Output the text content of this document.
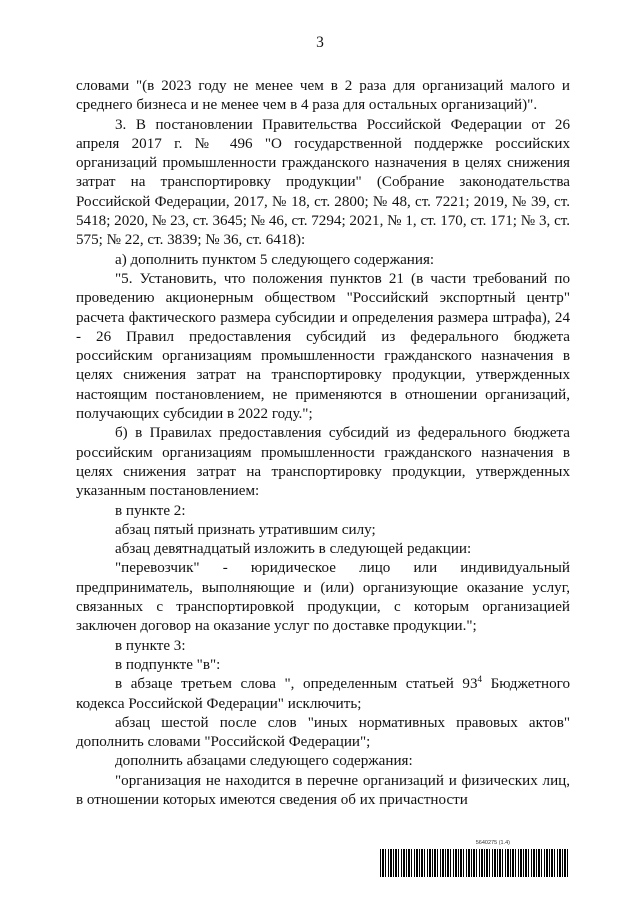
3

словами "(в 2023 году не менее чем в 2 раза для организаций малого и среднего бизнеса и не менее чем в 4 раза для остальных организаций)".

3. В постановлении Правительства Российской Федерации от 26 апреля 2017 г. № 496 "О государственной поддержке российских организаций промышленности гражданского назначения в целях снижения затрат на транспортировку продукции" (Собрание законодательства Российской Федерации, 2017, № 18, ст. 2800; № 48, ст. 7221; 2019, № 39, ст. 5418; 2020, № 23, ст. 3645; № 46, ст. 7294; 2021, № 1, ст. 170, ст. 171; № 3, ст. 575; № 22, ст. 3839; № 36, ст. 6418):

а) дополнить пунктом 5 следующего содержания:

"5. Установить, что положения пунктов 21 (в части требований по проведению акционерным обществом "Российский экспортный центр" расчета фактического размера субсидии и определения размера штрафа), 24 - 26 Правил предоставления субсидий из федерального бюджета российским организациям промышленности гражданского назначения в целях снижения затрат на транспортировку продукции, утвержденных настоящим постановлением, не применяются в отношении организаций, получающих субсидии в 2022 году.";

б) в Правилах предоставления субсидий из федерального бюджета российским организациям промышленности гражданского назначения в целях снижения затрат на транспортировку продукции, утвержденных указанным постановлением:

в пункте 2:

абзац пятый признать утратившим силу;

абзац девятнадцатый изложить в следующей редакции:

"перевозчик" - юридическое лицо или индивидуальный предприниматель, выполняющие и (или) организующие оказание услуг, связанных с транспортировкой продукции, с которым организацией заключен договор на оказание услуг по доставке продукции.";

в пункте 3:

в подпункте "в":

в абзаце третьем слова ", определенным статьей $93^4$ Бюджетного кодекса Российской Федерации" исключить;

абзац шестой после слов "иных нормативных правовых актов" дополнить словами "Российской Федерации";

дополнить абзацами следующего содержания:

"организация не находится в перечне организаций и физических лиц, в отношении которых имеются сведения об их причастности

5640275 (1.4)
